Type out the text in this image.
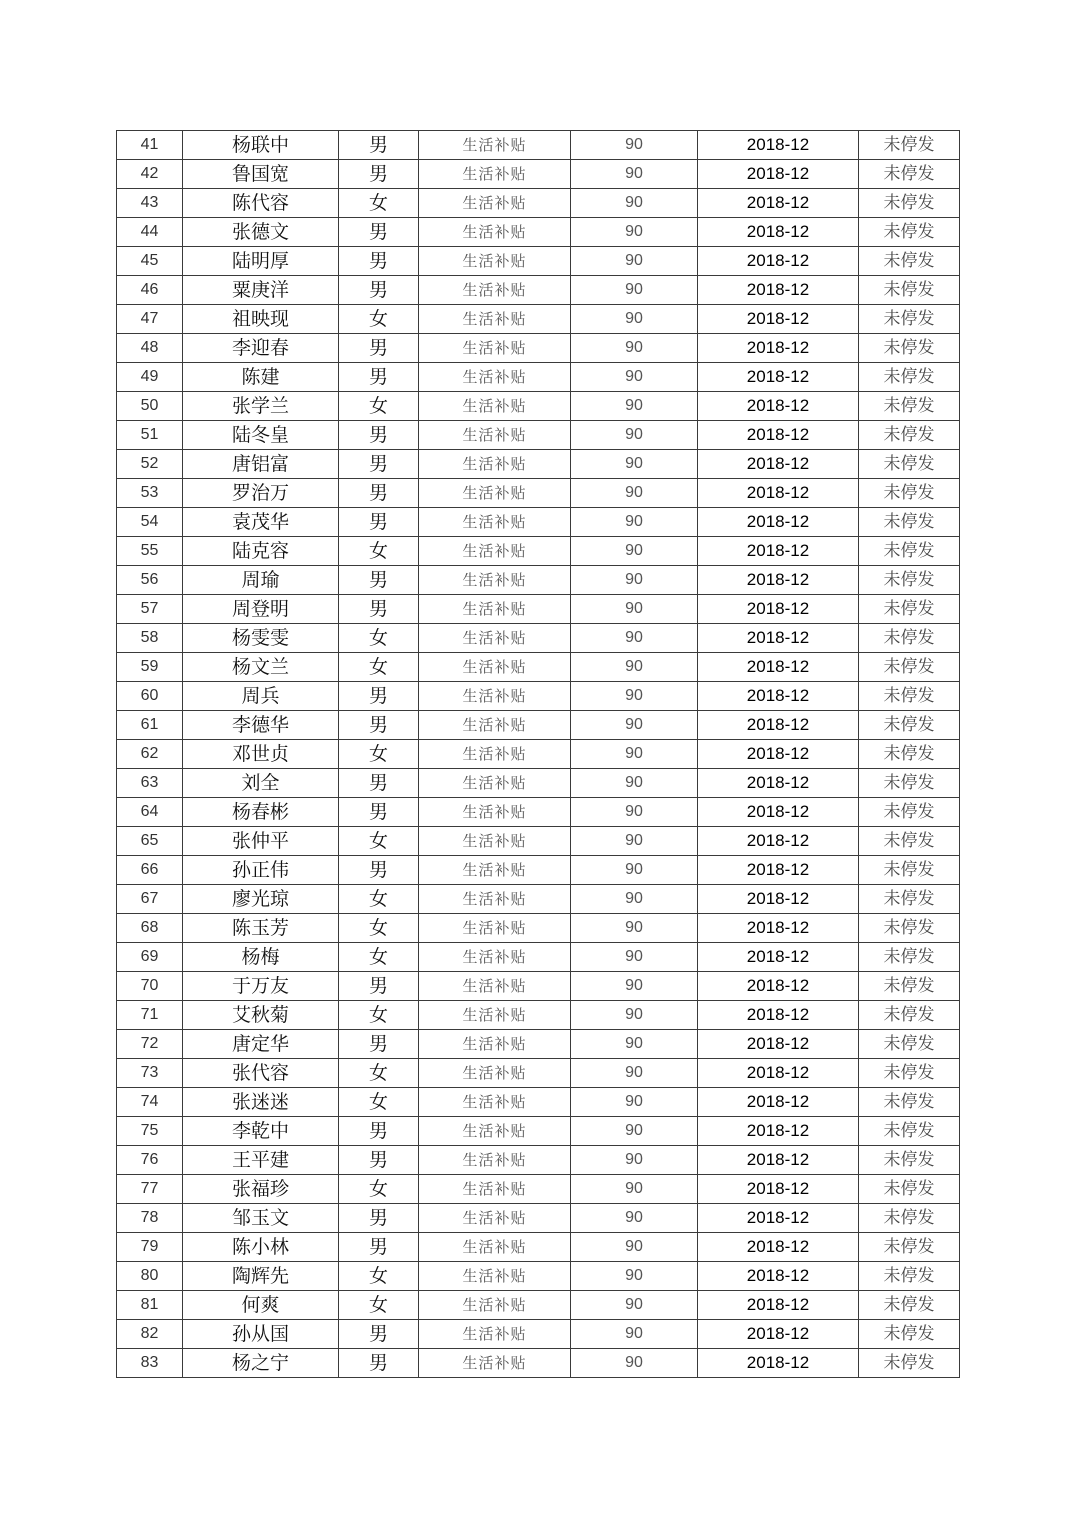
41	杨联中	男	生活补贴	90	2018-12	未停发
42	鲁国宽	男	生活补贴	90	2018-12	未停发
43	陈代容	女	生活补贴	90	2018-12	未停发
44	张德文	男	生活补贴	90	2018-12	未停发
45	陆明厚	男	生活补贴	90	2018-12	未停发
46	粟庚洋	男	生活补贴	90	2018-12	未停发
47	祖映现	女	生活补贴	90	2018-12	未停发
48	李迎春	男	生活补贴	90	2018-12	未停发
49	陈建	男	生活补贴	90	2018-12	未停发
50	张学兰	女	生活补贴	90	2018-12	未停发
51	陆冬皇	男	生活补贴	90	2018-12	未停发
52	唐铝富	男	生活补贴	90	2018-12	未停发
53	罗治万	男	生活补贴	90	2018-12	未停发
54	袁茂华	男	生活补贴	90	2018-12	未停发
55	陆克容	女	生活补贴	90	2018-12	未停发
56	周瑜	男	生活补贴	90	2018-12	未停发
57	周登明	男	生活补贴	90	2018-12	未停发
58	杨雯雯	女	生活补贴	90	2018-12	未停发
59	杨文兰	女	生活补贴	90	2018-12	未停发
60	周兵	男	生活补贴	90	2018-12	未停发
61	李德华	男	生活补贴	90	2018-12	未停发
62	邓世贞	女	生活补贴	90	2018-12	未停发
63	刘全	男	生活补贴	90	2018-12	未停发
64	杨春彬	男	生活补贴	90	2018-12	未停发
65	张仲平	女	生活补贴	90	2018-12	未停发
66	孙正伟	男	生活补贴	90	2018-12	未停发
67	廖光琼	女	生活补贴	90	2018-12	未停发
68	陈玉芳	女	生活补贴	90	2018-12	未停发
69	杨梅	女	生活补贴	90	2018-12	未停发
70	于万友	男	生活补贴	90	2018-12	未停发
71	艾秋菊	女	生活补贴	90	2018-12	未停发
72	唐定华	男	生活补贴	90	2018-12	未停发
73	张代容	女	生活补贴	90	2018-12	未停发
74	张迷迷	女	生活补贴	90	2018-12	未停发
75	李乾中	男	生活补贴	90	2018-12	未停发
76	王平建	男	生活补贴	90	2018-12	未停发
77	张福珍	女	生活补贴	90	2018-12	未停发
78	邹玉文	男	生活补贴	90	2018-12	未停发
79	陈小林	男	生活补贴	90	2018-12	未停发
80	陶辉先	女	生活补贴	90	2018-12	未停发
81	何爽	女	生活补贴	90	2018-12	未停发
82	孙从国	男	生活补贴	90	2018-12	未停发
83	杨之宁	男	生活补贴	90	2018-12	未停发
